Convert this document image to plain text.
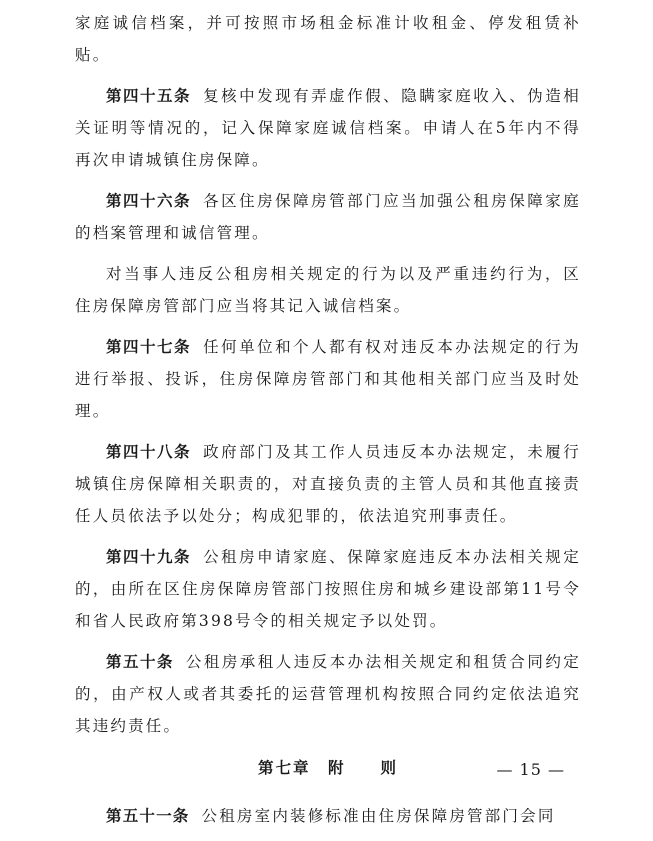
家庭诚信档案，并可按照市场租金标准计收租金、停发租赁补贴。

第四十五条 复核中发现有弄虚作假、隐瞒家庭收入、伪造相关证明等情况的，记入保障家庭诚信档案。申请人在5年内不得再次申请城镇住房保障。

第四十六条 各区住房保障房管部门应当加强公租房保障家庭的档案管理和诚信管理。

对当事人违反公租房相关规定的行为以及严重违约行为，区住房保障房管部门应当将其记入诚信档案。

第四十七条 任何单位和个人都有权对违反本办法规定的行为进行举报、投诉，住房保障房管部门和其他相关部门应当及时处理。

第四十八条 政府部门及其工作人员违反本办法规定，未履行城镇住房保障相关职责的，对直接负责的主管人员和其他直接责任人员依法予以处分；构成犯罪的，依法追究刑事责任。

第四十九条 公租房申请家庭、保障家庭违反本办法相关规定的，由所在区住房保障房管部门按照住房和城乡建设部第11号令和省人民政府第398号令的相关规定予以处罚。

第五十条 公租房承租人违反本办法相关规定和租赁合同约定的，由产权人或者其委托的运营管理机构按照合同约定依法追究其违约责任。

第七章　附　　则

第五十一条 公租房室内装修标准由住房保障房管部门会同

— 15 —
